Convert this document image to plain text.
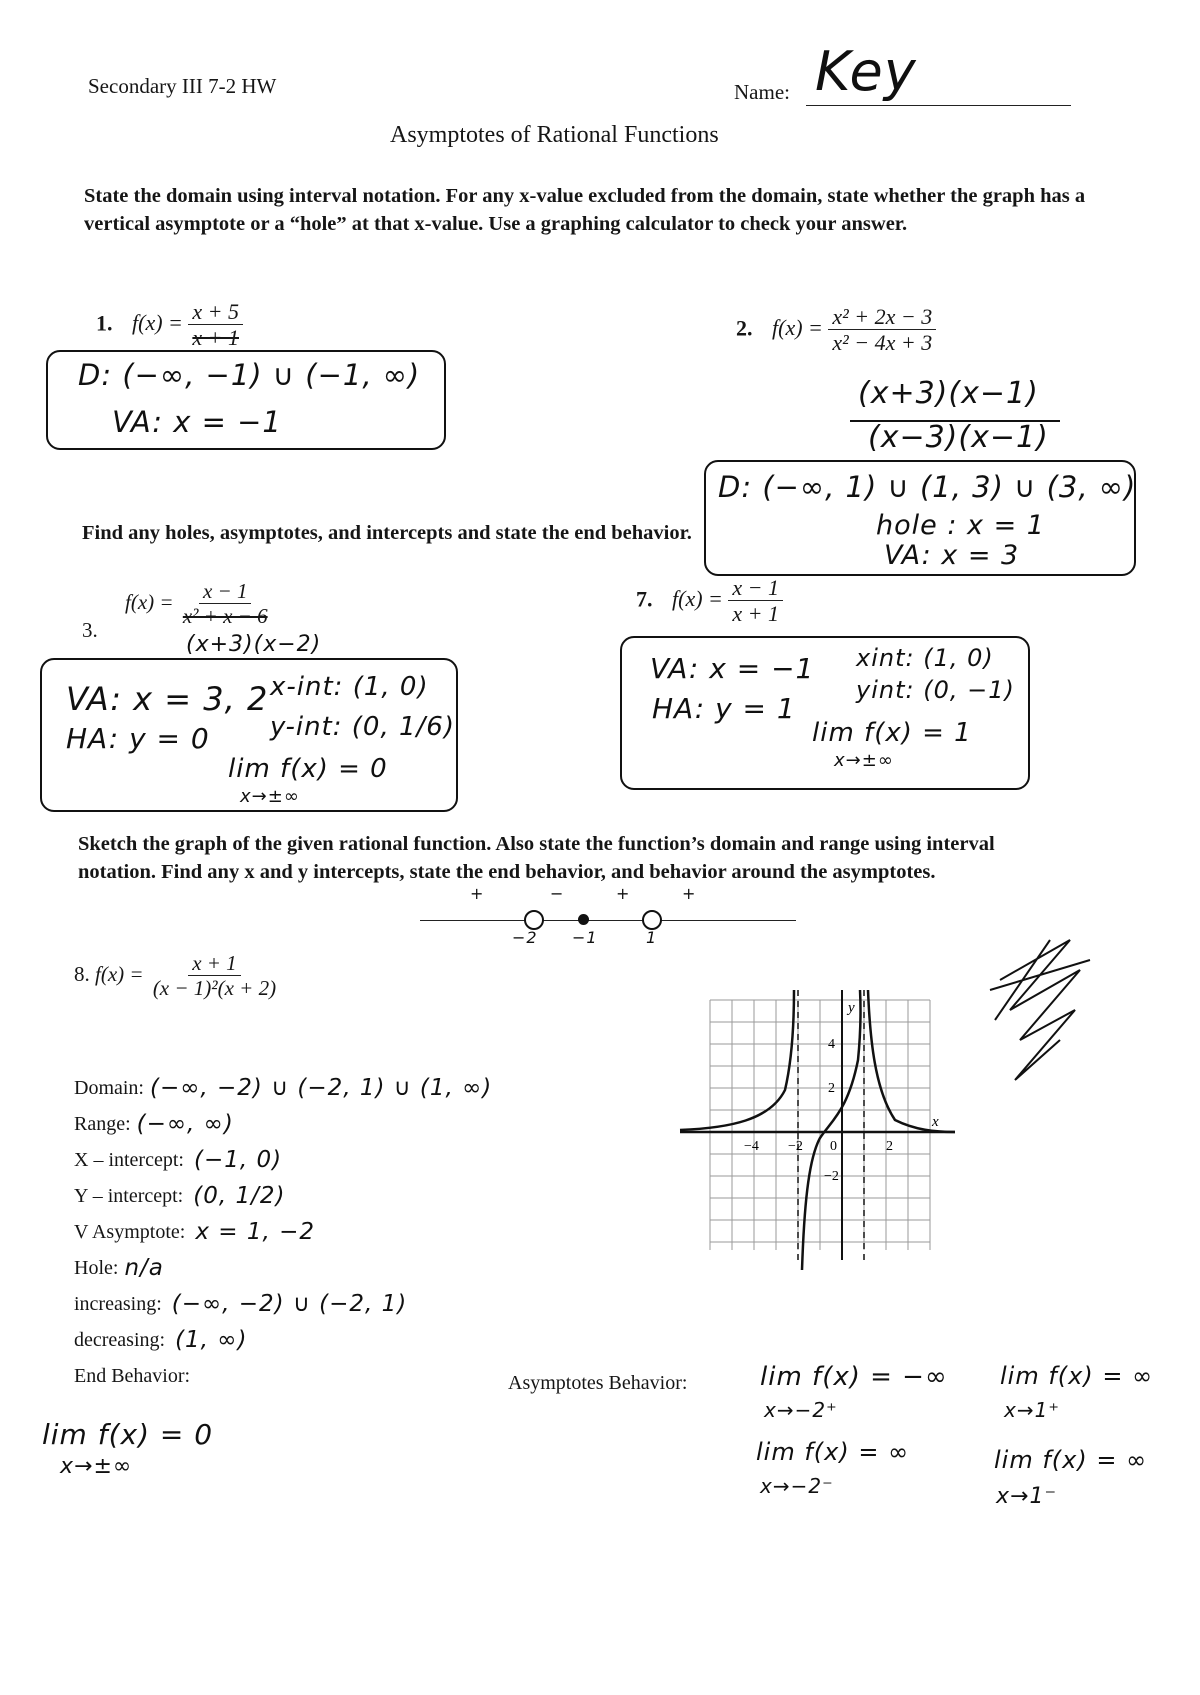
Secondary III 7-2 HW	Name: Key
Asymptotes of Rational Functions
State the domain using interval notation. For any x-value excluded from the domain, state whether the graph has a vertical asymptote or a “hole” at that x-value. Use a graphing calculator to check your answer.
1. $f(x) = \frac{x + 5}{x + 1}$
D: (−∞, −1) ∪ (−1, ∞)
VA: x = −1
2. $f(x) = \frac{\text{x² + 2x − 3}}{\text{x² − 4x + 3}}$
(x+3)(x−1)
(x−3)(x−1)
D: (−∞, 1) ∪ (1, 3) ∪ (3, ∞)
hole : x = 1
VA: x = 3
Find any holes, asymptotes, and intercepts and state the end behavior.
3. $f(x) = \frac{x - 1}{\text{x² + x − 6}}$
(x+3)(x−2)
VA: x = 3, 2
HA: y = 0
x-int: (1, 0)
y-int: (0, 1/6)
lim f(x) = 0
x→±∞
7. $f(x) = \frac{x - 1}{x + 1}$
VA: x = −1
HA: y = 1
xint: (1, 0)
yint: (0, −1)
lim f(x) = 1
x→±∞
Sketch the graph of the given rational function. Also state the function’s domain and range using interval notation. Find any x and y intercepts, state the end behavior, and behavior around the asymptotes.
+	−	+	+
−2 −1	1
8. $f(x) = \frac{x + 1}{\text{(x − 1)²(x + 2)}}$
Domain: (−∞, −2) ∪ (−2, 1) ∪ (1, ∞)
Range: (−∞, ∞)
X – intercept: (−1, 0)
Y – intercept: (0, 1/2)
V Asymptote: x = 1, −2
Hole: n/a
increasing: (−∞, −2) ∪ (−2, 1)
decreasing: (1, ∞)
End Behavior:
lim f(x) = 0
x→±∞
Asymptotes Behavior:	lim f(x) = −∞
x→−2⁺
lim f(x) = ∞
x→1⁺
lim f(x) = ∞
x→−2⁻
lim f(x) = ∞
x→1⁻
−4 −2 0	2
4
2
−2
x
y
